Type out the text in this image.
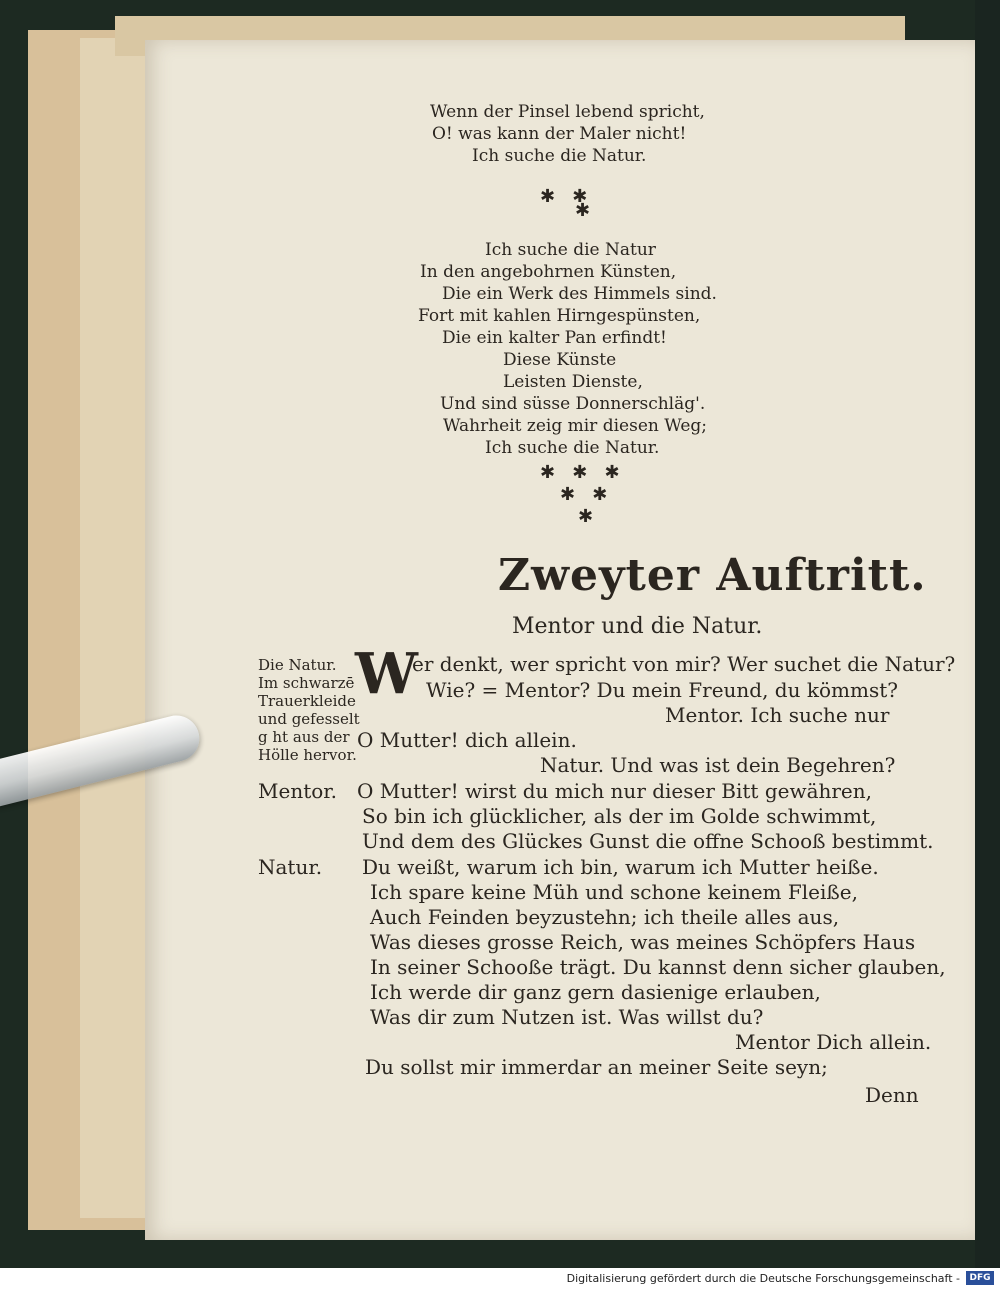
Wenn der Pinsel lebend spricht,
O! was kann der Maler nicht!
Ich suche die Natur.
✱   ✱
✱
Ich suche die Natur
In den angebohrnen Künsten,
Die ein Werk des Himmels sind.
Fort mit kahlen Hirngespünsten,
Die ein kalter Pan erfindt!
Diese Künste
Leisten Dienste,
Und sind süsse Donnerschläg'.
Wahrheit zeig mir diesen Weg;
Ich suche die Natur.
✱   ✱   ✱
✱   ✱
✱
Zweyter Auftritt.
Mentor und die Natur.
Die Natur.
Im schwarzē
Trauerkleide
und gefesselt
g ht aus der
Hölle hervor.
W
er denkt, wer spricht von mir? Wer suchet die Natur?
Wie? = Mentor? Du mein Freund, du kömmst?
Mentor. Ich suche nur
O Mutter! dich allein.
Natur. Und was ist dein Begehren?
Mentor. O Mutter! wirst du mich nur dieser Bitt gewähren,
So bin ich glücklicher, als der im Golde schwimmt,
Und dem des Glückes Gunst die offne Schooß bestimmt.
Natur. Du weißt, warum ich bin, warum ich Mutter heiße.
Ich spare keine Müh und schone keinem Fleiße,
Auch Feinden beyzustehn; ich theile alles aus,
Was dieses grosse Reich, was meines Schöpfers Haus
In seiner Schooße trägt. Du kannst denn sicher glauben,
Ich werde dir ganz gern dasienige erlauben,
Was dir zum Nutzen ist. Was willst du?
Mentor Dich allein.
Du sollst mir immerdar an meiner Seite seyn;
Denn
Digitalisierung gefördert durch die Deutsche Forschungsgemeinschaft -	DFG
